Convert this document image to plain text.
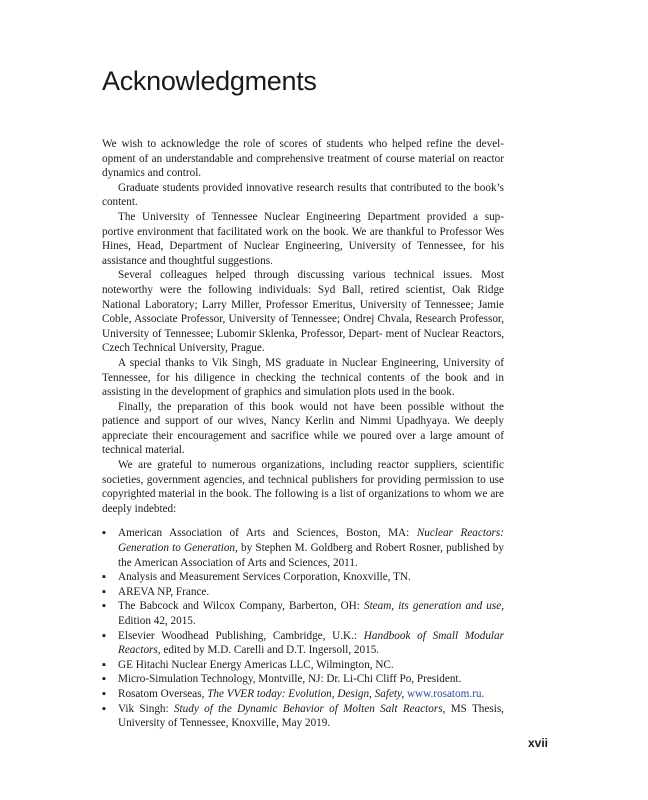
Acknowledgments

We wish to acknowledge the role of scores of students who helped refine the devel- opment of an understandable and comprehensive treatment of course material on reactor dynamics and control.

Graduate students provided innovative research results that contributed to the book’s content.

The University of Tennessee Nuclear Engineering Department provided a sup- portive environment that facilitated work on the book. We are thankful to Professor Wes Hines, Head, Department of Nuclear Engineering, University of Tennessee, for his assistance and thoughtful suggestions.

Several colleagues helped through discussing various technical issues. Most noteworthy were the following individuals: Syd Ball, retired scientist, Oak Ridge National Laboratory; Larry Miller, Professor Emeritus, University of Tennessee; Jamie Coble, Associate Professor, University of Tennessee; Ondrej Chvala, Research Professor, University of Tennessee; Lubomir Sklenka, Professor, Depart- ment of Nuclear Reactors, Czech Technical University, Prague.

A special thanks to Vik Singh, MS graduate in Nuclear Engineering, University of Tennessee, for his diligence in checking the technical contents of the book and in assisting in the development of graphics and simulation plots used in the book.

Finally, the preparation of this book would not have been possible without the patience and support of our wives, Nancy Kerlin and Nimmi Upadhyaya. We deeply appreciate their encouragement and sacrifice while we poured over a large amount of technical material.

We are grateful to numerous organizations, including reactor suppliers, scientific societies, government agencies, and technical publishers for providing permission to use copyrighted material in the book. The following is a list of organizations to whom we are deeply indebted:

▪	American Association of Arts and Sciences, Boston, MA: Nuclear Reactors: Generation to Generation, by Stephen M. Goldberg and Robert Rosner, published by the American Association of Arts and Sciences, 2011.
▪	Analysis and Measurement Services Corporation, Knoxville, TN.
▪	AREVA NP, France.
▪	The Babcock and Wilcox Company, Barberton, OH: Steam, its generation and use, Edition 42, 2015.
▪	Elsevier Woodhead Publishing, Cambridge, U.K.: Handbook of Small Modular Reactors, edited by M.D. Carelli and D.T. Ingersoll, 2015.
▪	GE Hitachi Nuclear Energy Americas LLC, Wilmington, NC.
▪	Micro-Simulation Technology, Montville, NJ: Dr. Li-Chi Cliff Po, President.
▪	Rosatom Overseas, The VVER today: Evolution, Design, Safety, www.rosatom.ru.
▪	Vik Singh: Study of the Dynamic Behavior of Molten Salt Reactors, MS Thesis, University of Tennessee, Knoxville, May 2019.
xvii
